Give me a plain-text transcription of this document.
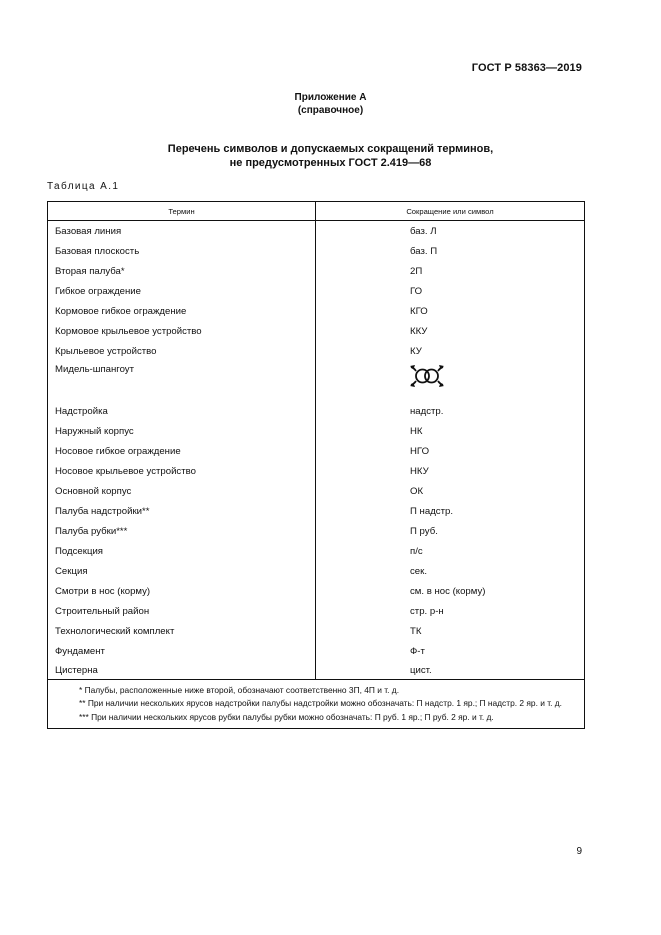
ГОСТ Р 58363—2019
Приложение А
(справочное)
Перечень символов и допускаемых сокращений терминов,
не предусмотренных ГОСТ 2.419—68
Таблица А.1
Термин	Сокращение или символ
Базовая линия	баз. Л
Базовая плоскость	баз. П
Вторая палуба*	2П
Гибкое ограждение	ГО
Кормовое гибкое ограждение	КГО
Кормовое крыльевое устройство	ККУ
Крыльевое устройство	КУ
Мидель-шпангоут	

Надстройка	надстр.
Наружный корпус	НК
Носовое гибкое ограждение	НГО
Носовое крыльевое устройство	НКУ
Основной корпус	ОК
Палуба надстройки**	П надстр.
Палуба рубки***	П руб.
Подсекция	п/с
Секция	сек.
Смотри в нос (корму)	см. в нос (корму)
Строительный район	стр. р-н
Технологический комплект	ТК
Фундамент	Ф-т
Цистерна	цист.

* Палубы, расположенные ниже второй, обозначают соответственно 3П, 4П и т. д.
** При наличии нескольких ярусов надстройки палубы надстройки можно обозначать: П надстр. 1 яр.; П надстр. 2 яр. и т. д.
*** При наличии нескольких ярусов рубки палубы рубки можно обозначать: П руб. 1 яр.; П руб. 2 яр. и т. д.	
9
